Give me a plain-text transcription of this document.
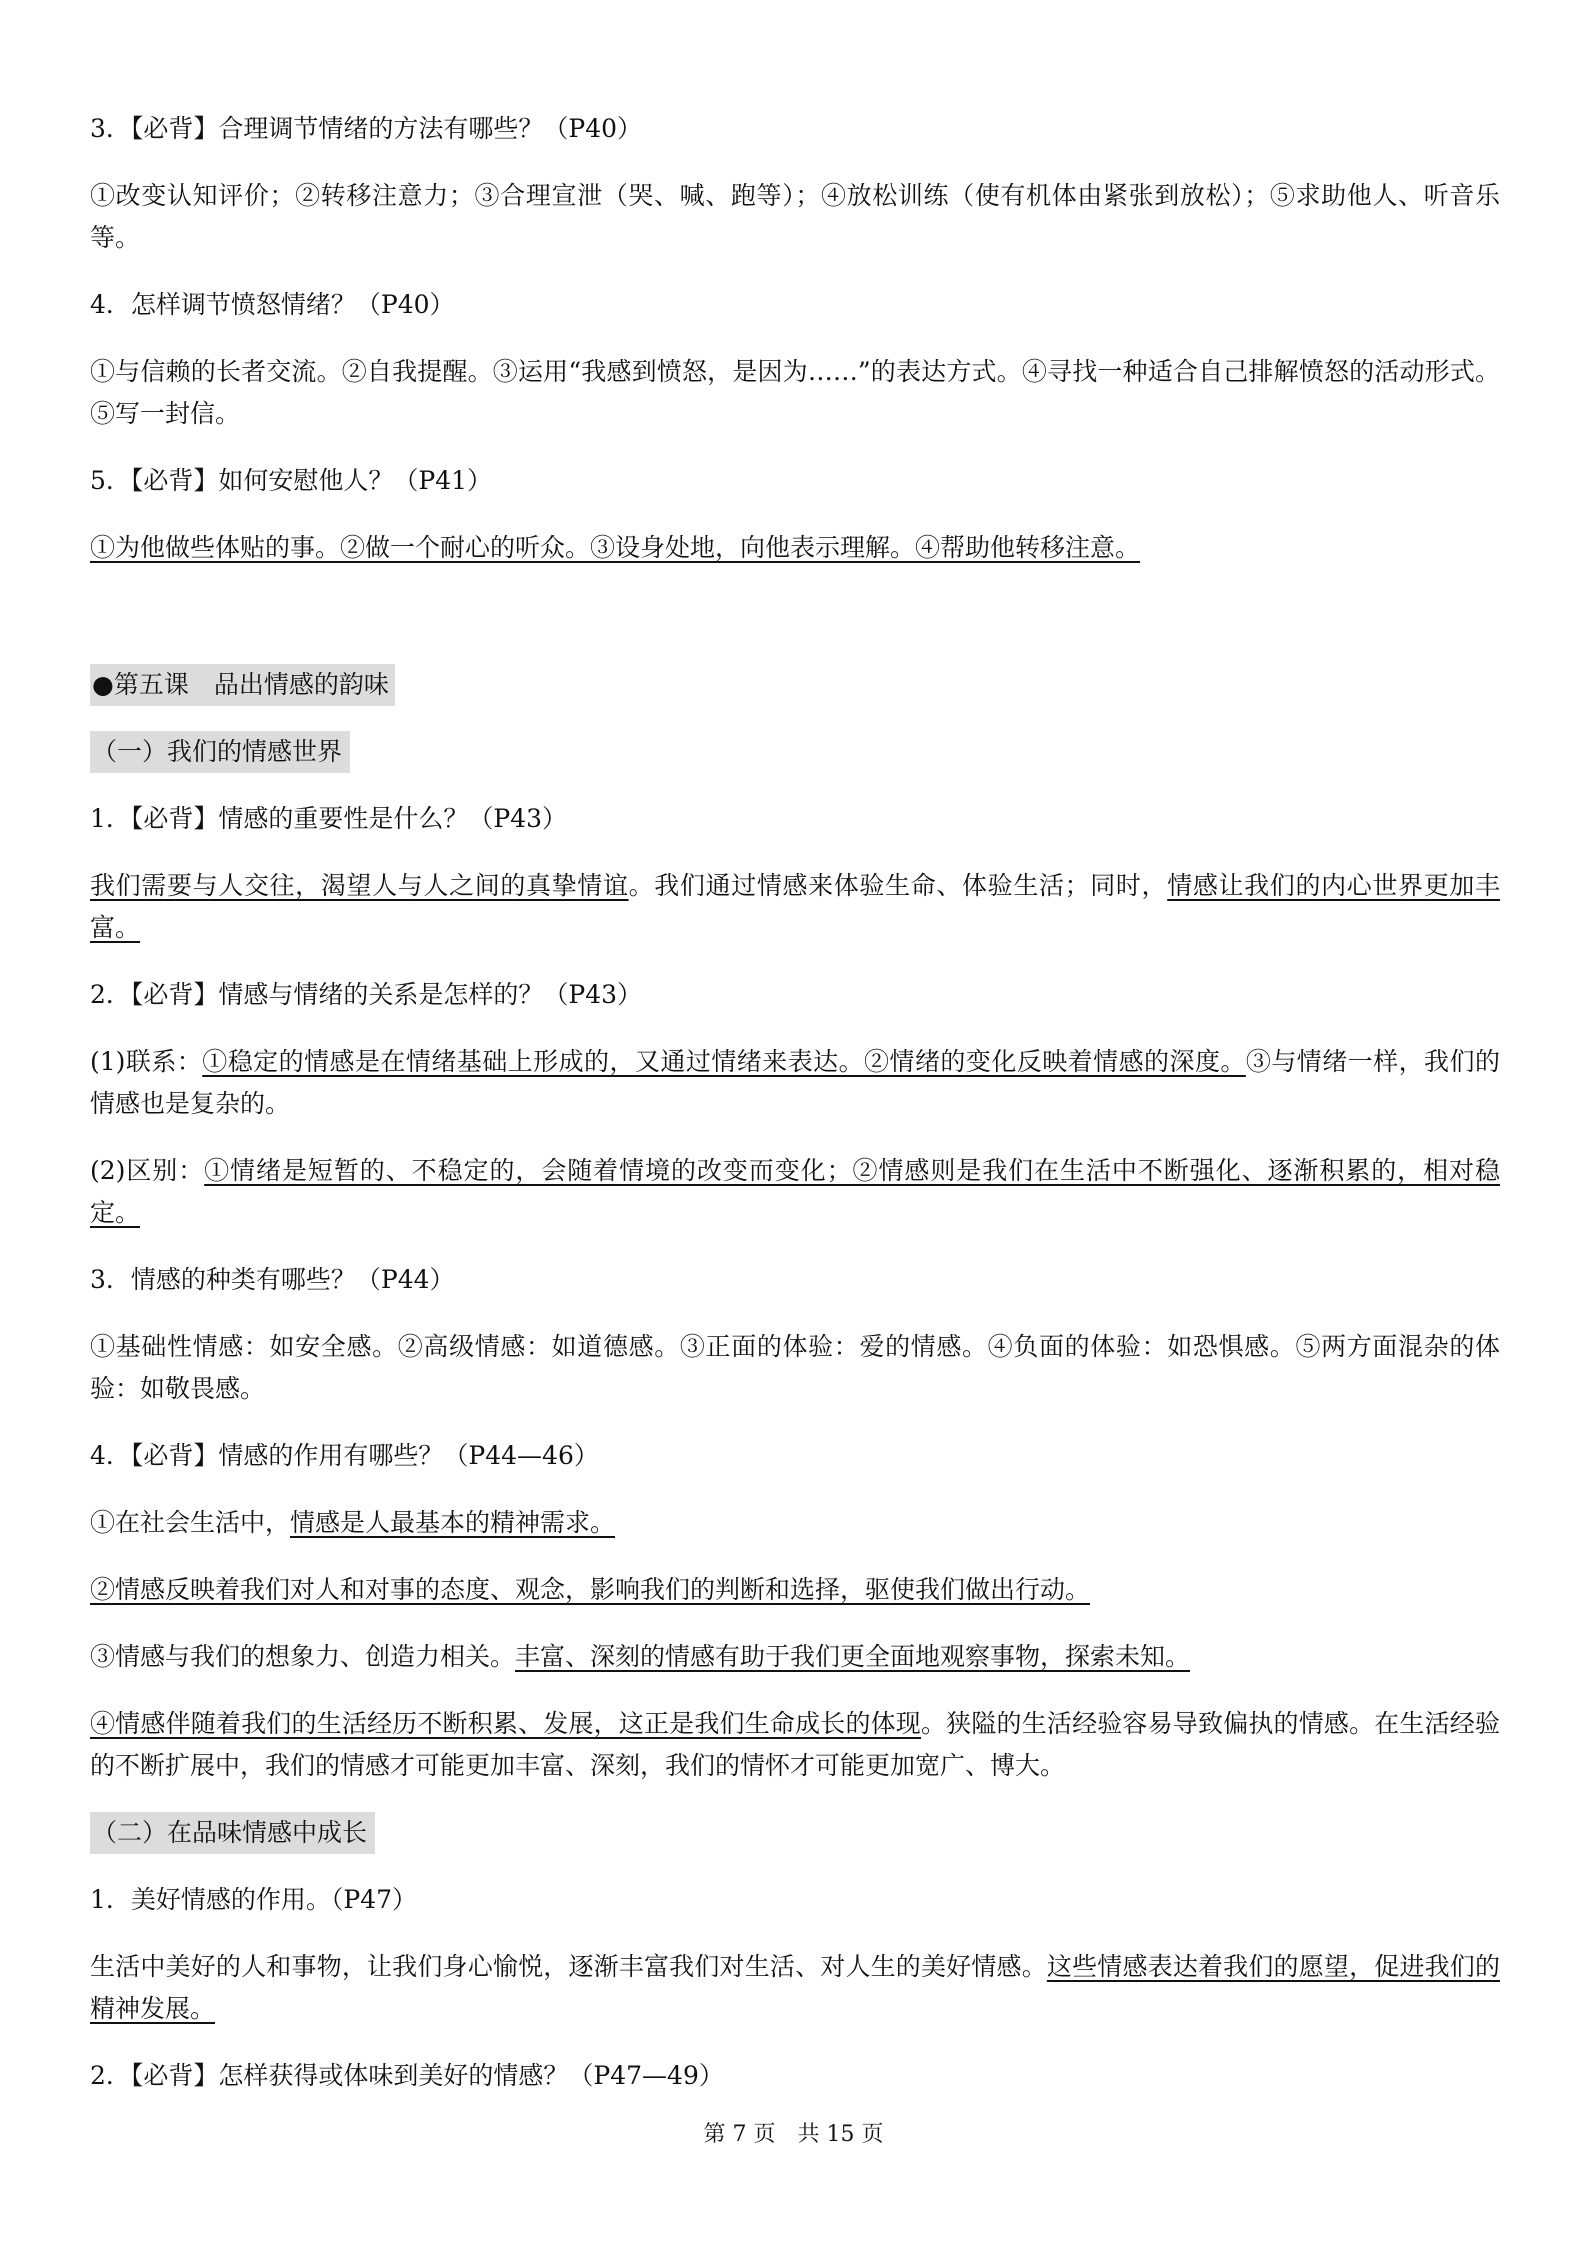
3．【必背】合理调节情绪的方法有哪些？（P40）
①改变认知评价；②转移注意力；③合理宣泄（哭、喊、跑等）；④放松训练（使有机体由紧张到放松）；⑤求助他人、听音乐等。
4．怎样调节愤怒情绪？（P40）
①与信赖的长者交流。②自我提醒。③运用“我感到愤怒，是因为……”的表达方式。④寻找一种适合自己排解愤怒的活动形式。⑤写一封信。
5．【必背】如何安慰他人？（P41）
①为他做些体贴的事。②做一个耐心的听众。③设身处地，向他表示理解。④帮助他转移注意。
●第五课　品出情感的韵味
（一）我们的情感世界
1．【必背】情感的重要性是什么？（P43）
我们需要与人交往，渴望人与人之间的真挚情谊。我们通过情感来体验生命、体验生活；同时，情感让我们的内心世界更加丰富。
2．【必背】情感与情绪的关系是怎样的？（P43）
(1)联系：①稳定的情感是在情绪基础上形成的，又通过情绪来表达。②情绪的变化反映着情感的深度。③与情绪一样，我们的情感也是复杂的。
(2)区别：①情绪是短暂的、不稳定的，会随着情境的改变而变化；②情感则是我们在生活中不断强化、逐渐积累的，相对稳定。
3．情感的种类有哪些？（P44）
①基础性情感：如安全感。②高级情感：如道德感。③正面的体验：爱的情感。④负面的体验：如恐惧感。⑤两方面混杂的体验：如敬畏感。
4．【必背】情感的作用有哪些？（P44—46）
①在社会生活中，情感是人最基本的精神需求。
②情感反映着我们对人和对事的态度、观念，影响我们的判断和选择，驱使我们做出行动。
③情感与我们的想象力、创造力相关。丰富、深刻的情感有助于我们更全面地观察事物，探索未知。
④情感伴随着我们的生活经历不断积累、发展，这正是我们生命成长的体现。狭隘的生活经验容易导致偏执的情感。在生活经验的不断扩展中，我们的情感才可能更加丰富、深刻，我们的情怀才可能更加宽广、博大。
（二）在品味情感中成长
1．美好情感的作用。（P47）
生活中美好的人和事物，让我们身心愉悦，逐渐丰富我们对生活、对人生的美好情感。这些情感表达着我们的愿望，促进我们的精神发展。
2．【必背】怎样获得或体味到美好的情感？（P47—49）
第 7 页　共 15 页
